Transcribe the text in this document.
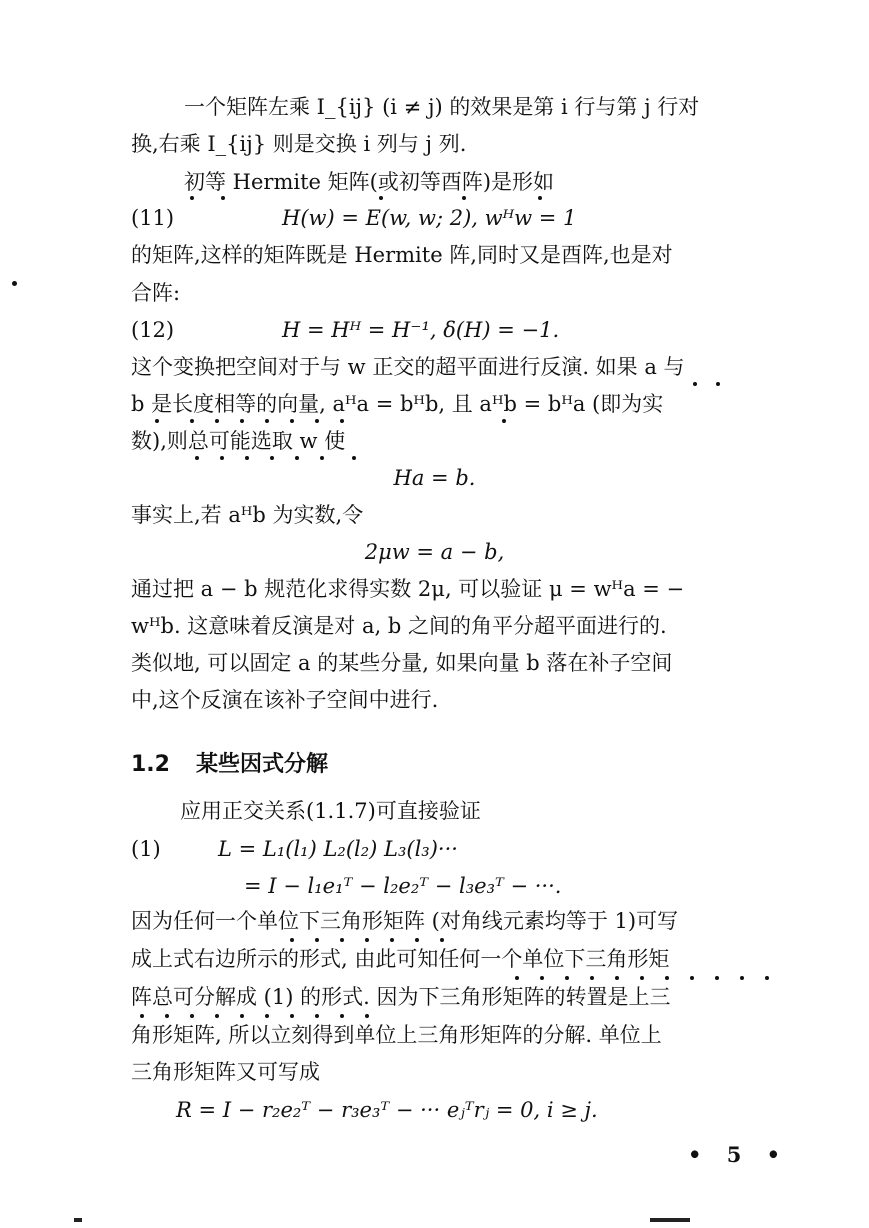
一个矩阵左乘 I_{ij} (i ≠ j) 的效果是第 i 行与第 j 行对
换,右乘 I_{ij} 则是交换 i 列与 j 列.
初等 Hermite 矩阵(或初等酉阵)是形如
(11)	H(w) = E(w, w; 2), wᴴw = 1
的矩阵,这样的矩阵既是 Hermite 阵,同时又是酉阵,也是对
合阵:
(12)	H = Hᴴ = H⁻¹, δ(H) = −1.
这个变换把空间对于与 w 正交的超平面进行反演. 如果 a 与
b 是长度相等的向量, aᴴa = bᴴb, 且 aᴴb = bᴴa (即为实
数),则总可能选取 w 使
Ha = b.
事实上,若 aᴴb 为实数,令
2μw = a − b,
通过把 a − b 规范化求得实数 2μ, 可以验证 μ = wᴴa = −
wᴴb. 这意味着反演是对 a, b 之间的角平分超平面进行的.
类似地, 可以固定 a 的某些分量, 如果向量 b 落在补子空间
中,这个反演在该补子空间中进行.
1.2 某些因式分解
应用正交关系(1.1.7)可直接验证
(1)	L = L₁(l₁) L₂(l₂) L₃(l₃)···
= I − l₁e₁ᵀ − l₂e₂ᵀ − l₃e₃ᵀ − ···.
因为任何一个单位下三角形矩阵 (对角线元素均等于 1)可写
成上式右边所示的形式, 由此可知任何一个单位下三角形矩
阵总可分解成 (1) 的形式. 因为下三角形矩阵的转置是上三
角形矩阵, 所以立刻得到单位上三角形矩阵的分解. 单位上
三角形矩阵又可写成
R = I − r₂e₂ᵀ − r₃e₃ᵀ − ··· eⱼᵀrⱼ = 0, i ≥ j.
• 5 •
